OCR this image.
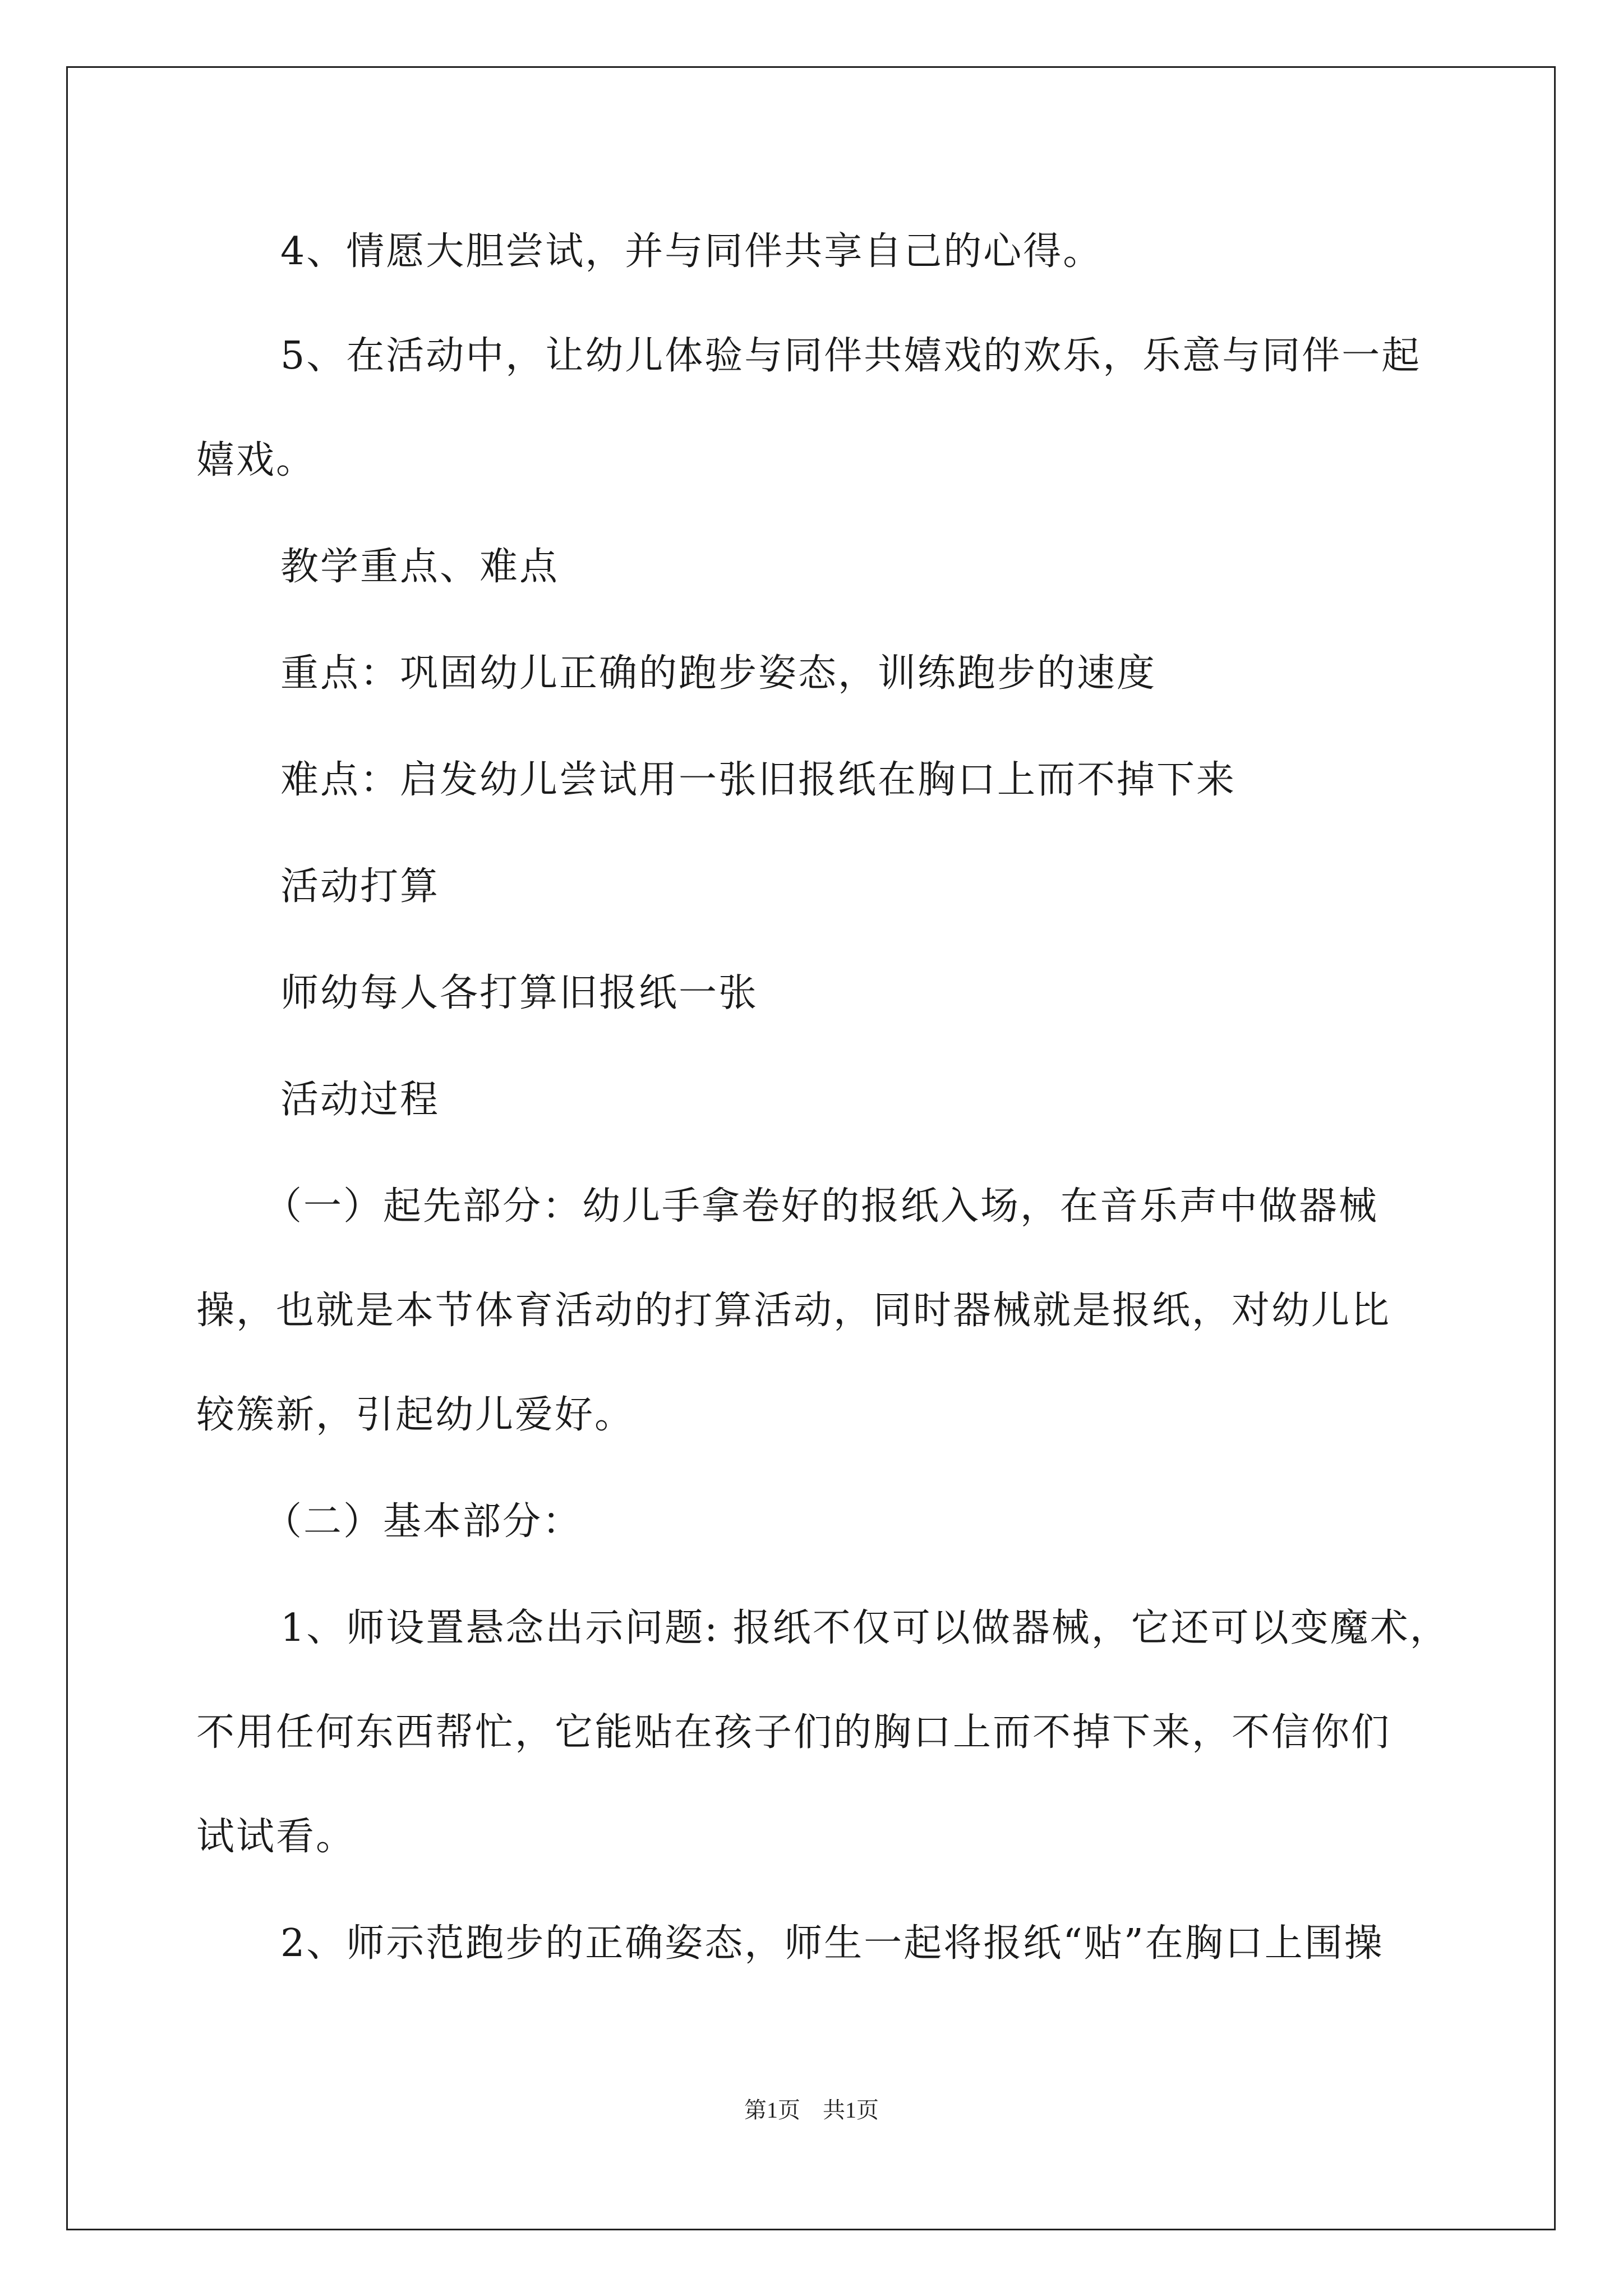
4、情愿大胆尝试，并与同伴共享自己的心得。
5、在活动中，让幼儿体验与同伴共嬉戏的欢乐，乐意与同伴一起
嬉戏。
教学重点、难点
重点：巩固幼儿正确的跑步姿态，训练跑步的速度
难点：启发幼儿尝试用一张旧报纸在胸口上而不掉下来
活动打算
师幼每人各打算旧报纸一张
活动过程
（一）起先部分：幼儿手拿卷好的报纸入场，在音乐声中做器械
操，也就是本节体育活动的打算活动，同时器械就是报纸，对幼儿比
较簇新，引起幼儿爱好。
（二）基本部分：
1、师设置悬念出示问题: 报纸不仅可以做器械，它还可以变魔术，
不用任何东西帮忙，它能贴在孩子们的胸口上而不掉下来，不信你们
试试看。
2、师示范跑步的正确姿态，师生一起将报纸“贴”在胸口上围操
第1页　共1页
